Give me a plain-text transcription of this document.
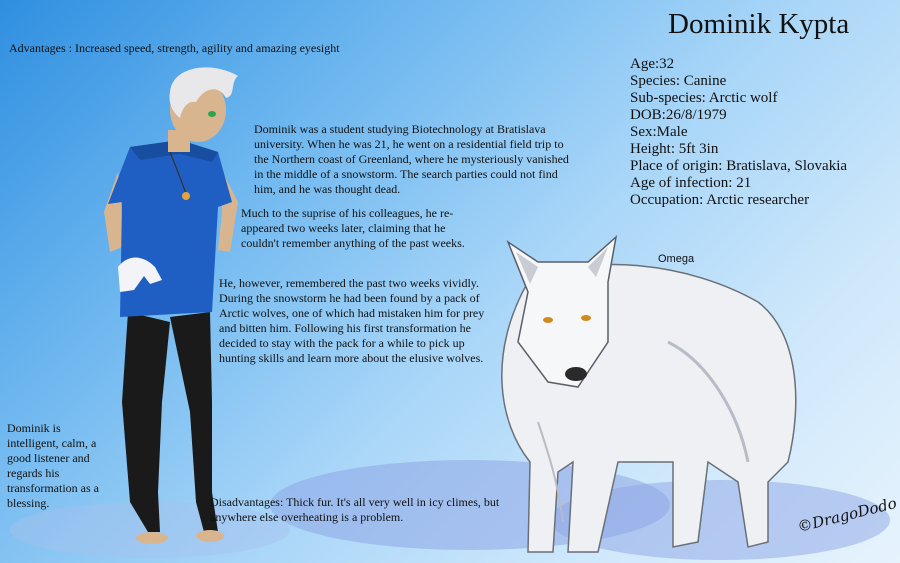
Dominik Kypta
Age:32
Species: Canine
Sub-species: Arctic wolf
DOB:26/8/1979
Sex:Male
Height: 5ft 3in
Place of origin: Bratislava, Slovakia
Age of infection: 21
Occupation: Arctic researcher
Advantages : Increased speed, strength, agility and amazing eyesight

Dominik was a student studying Biotechnology at Bratislava university. When he was 21, he went on a residential field trip to the Northern coast of Greenland, where he mysteriously vanished in the middle of a snowstorm. The search parties could not find him, and he was thought dead.

Much to the suprise of his colleagues, he re-appeared two weeks later, claiming that he couldn't remember anything of the past weeks.

He, however, remembered the past two weeks vividly. During the snowstorm he had been found by a pack of Arctic wolves, one of which had mistaken him for prey and bitten him. Following his first transformation he decided to stay with the pack for a while to pick up hunting skills and learn more about the elusive wolves.

Dominik is intelligent, calm, a good listener and regards his transformation as a blessing.	Disadvantages: Thick fur. It's all very well in icy climes, but anywhere else overheating is a problem.
Omega
©DragoDodo
